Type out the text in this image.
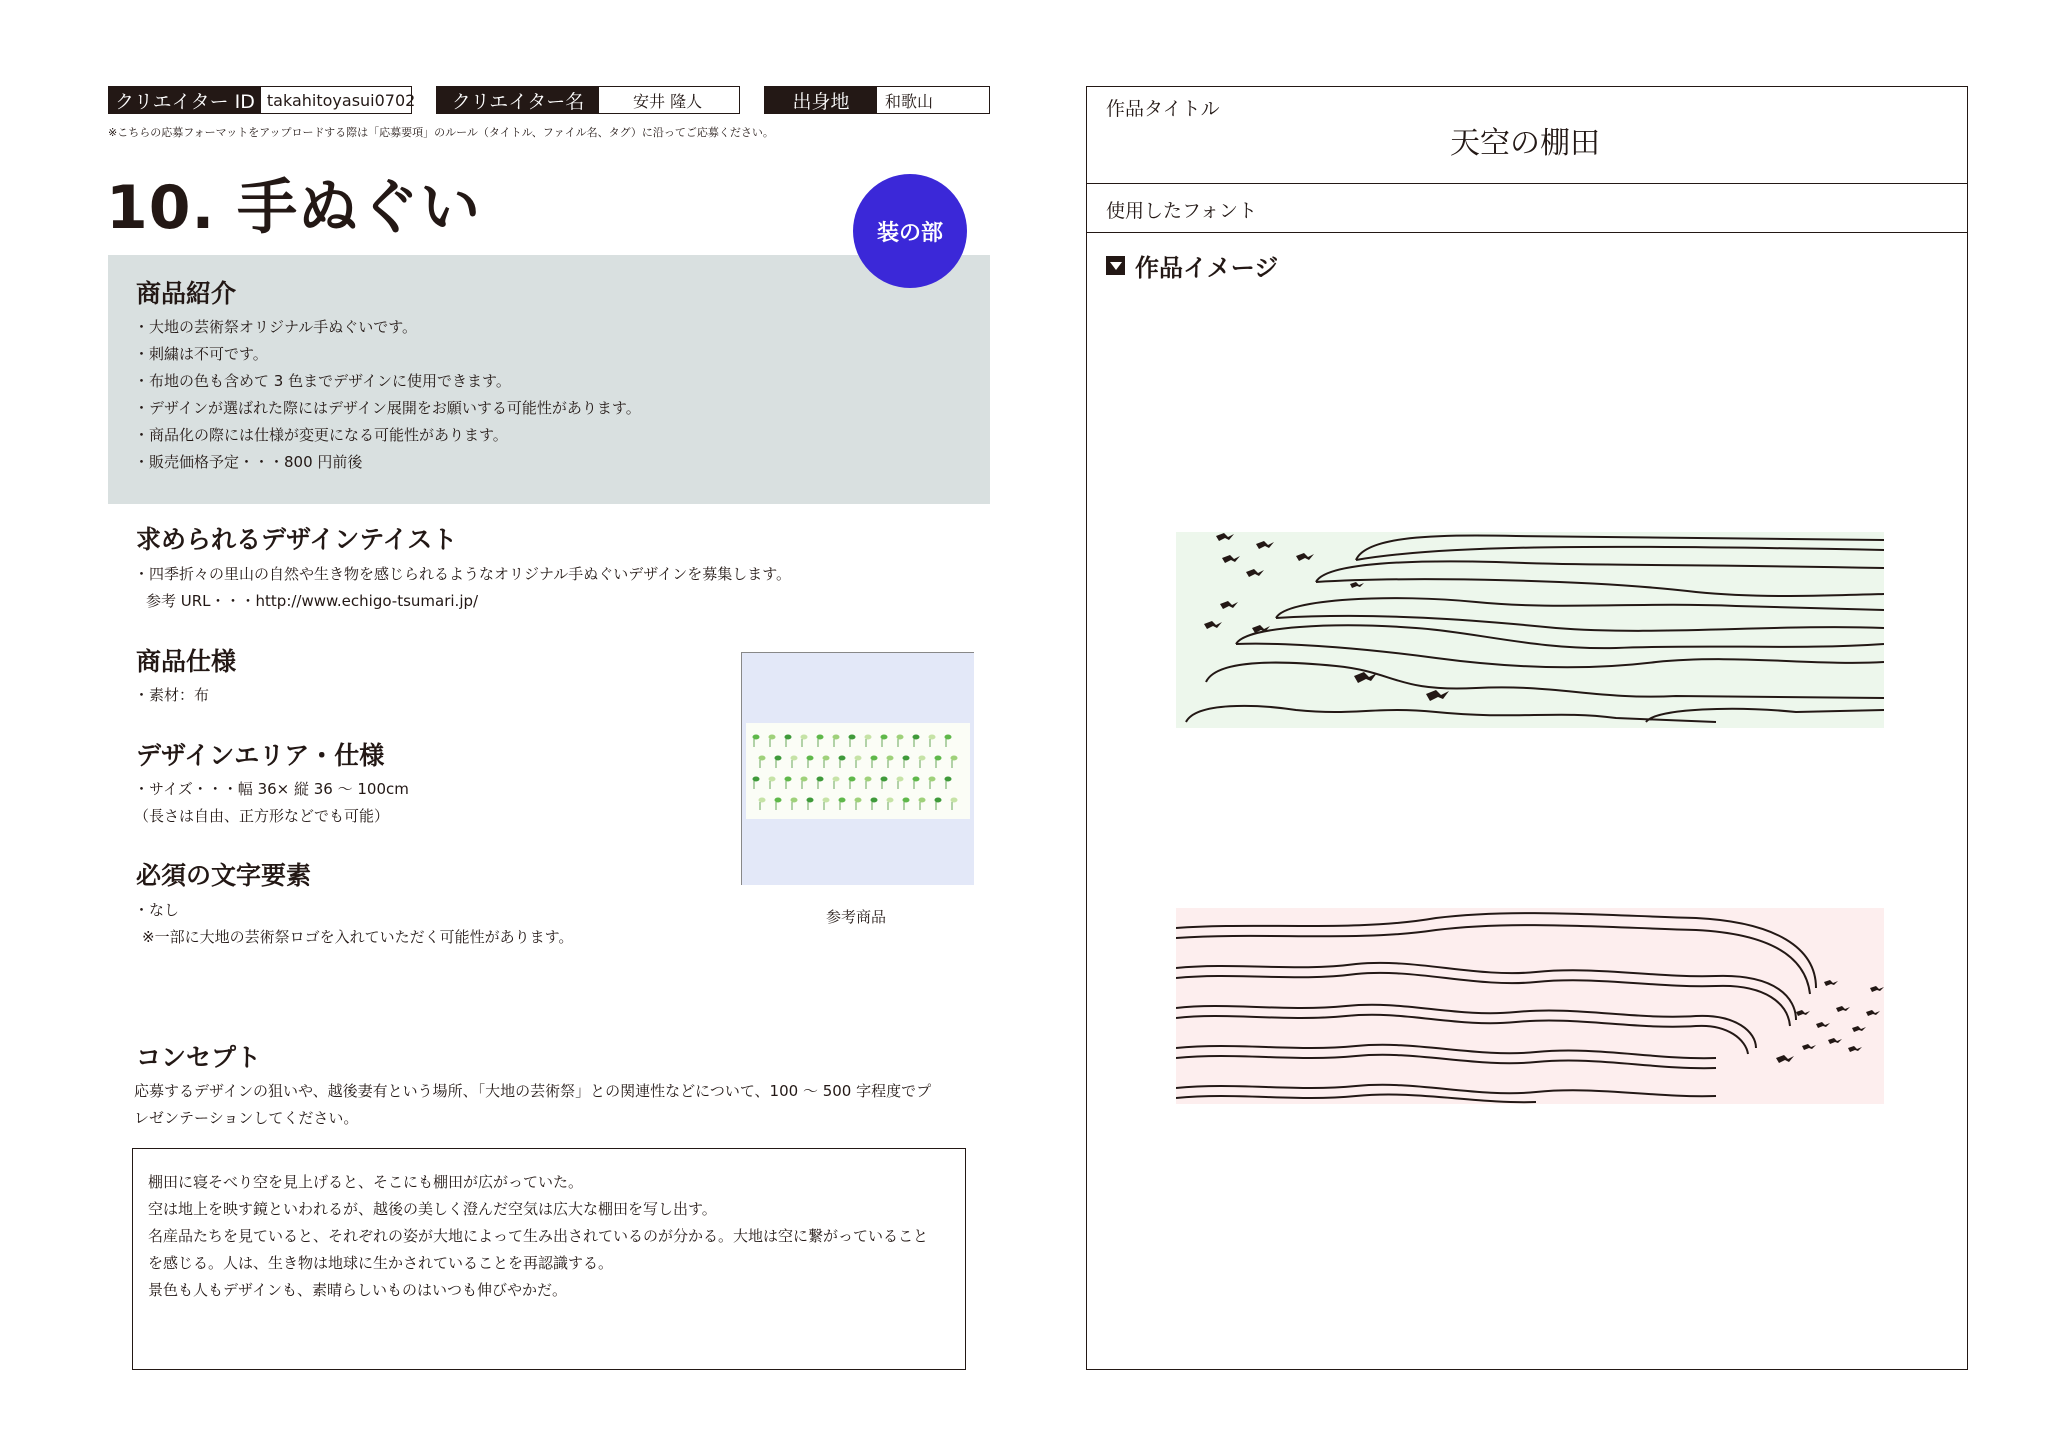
クリエイター ID takahitoyasui0702	クリエイター名	安井 隆人	出身地	和歌山
※こちらの応募フォーマットをアップロードする際は「応募要項」のルール（タイトル、ファイル名、タグ）に沿ってご応募ください。
10. 手ぬぐい
商品紹介
・大地の芸術祭オリジナル手ぬぐいです。
・刺繍は不可です。
・布地の色も含めて 3 色までデザインに使用できます。
・デザインが選ばれた際にはデザイン展開をお願いする可能性があります。
・商品化の際には仕様が変更になる可能性があります。
・販売価格予定・・・800 円前後
装の部
求められるデザインテイスト
・四季折々の里山の自然や生き物を感じられるようなオリジナル手ぬぐいデザインを募集します。
参考 URL・・・http://www.echigo-tsumari.jp/
商品仕様
・素材：布
デザインエリア・仕様
・サイズ・・・幅 36× 縦 36 ～ 100cm
（長さは自由、正方形などでも可能）
必須の文字要素
・なし
※一部に大地の芸術祭ロゴを入れていただく可能性があります。
参考商品
コンセプト
応募するデザインの狙いや、越後妻有という場所、「大地の芸術祭」との関連性などについて、100 ～ 500 字程度でプ
レゼンテーションしてください。
棚田に寝そべり空を見上げると、そこにも棚田が広がっていた。
空は地上を映す鏡といわれるが、越後の美しく澄んだ空気は広大な棚田を写し出す。
名産品たちを見ていると、それぞれの姿が大地によって生み出されているのが分かる。大地は空に繋がっていること
を感じる。人は、生き物は地球に生かされていることを再認識する。
景色も人もデザインも、素晴らしいものはいつも伸びやかだ。
作品タイトル
天空の棚田
使用したフォント
作品イメージ
